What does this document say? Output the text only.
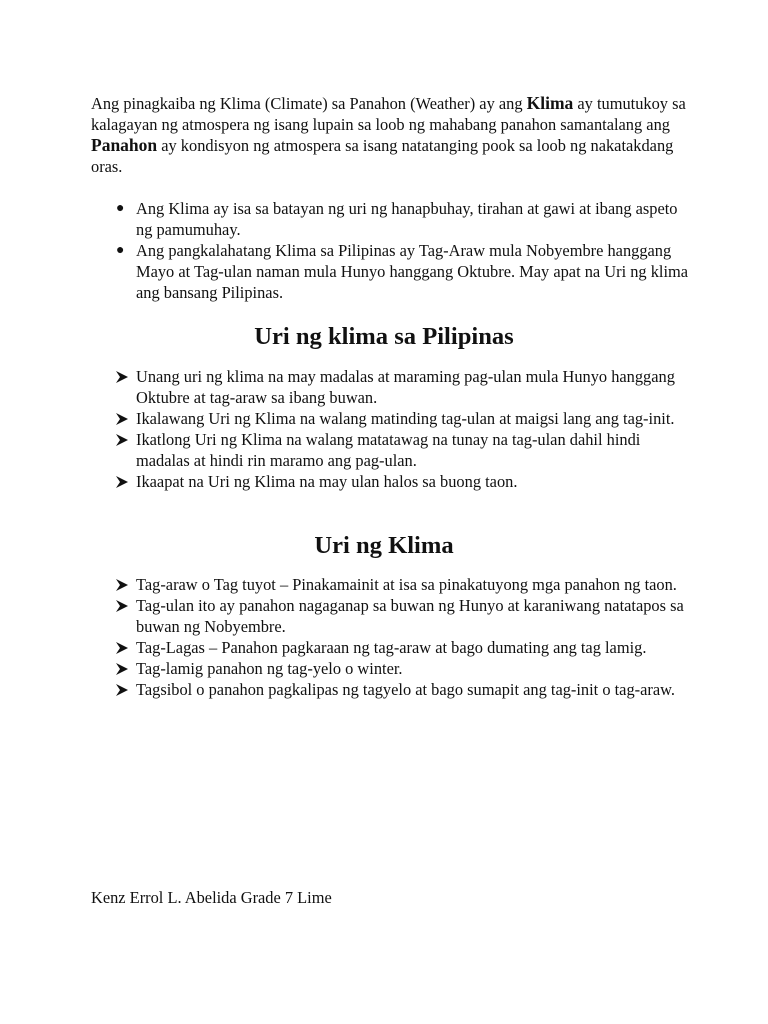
Ang pinagkaiba ng Klima (Climate) sa Panahon (Weather) ay ang Klima ay tumutukoy sa kalagayan ng atmospera ng isang lupain sa loob ng mahabang panahon samantalang ang Panahon ay kondisyon ng atmospera sa isang natatanging pook sa loob ng nakatakdang oras.

● Ang Klima ay isa sa batayan ng uri ng hanapbuhay, tirahan at gawi at ibang aspeto ng pamumuhay.
● Ang pangkalahatang Klima sa Pilipinas ay Tag-Araw mula Nobyembre hanggang Mayo at Tag-ulan naman mula Hunyo hanggang Oktubre. May apat na Uri ng klima ang bansang Pilipinas.
Uri ng klima sa Pilipinas
Unang uri ng klima na may madalas at maraming pag-ulan mula Hunyo hanggang Oktubre at tag-araw sa ibang buwan.
Ikalawang Uri ng Klima na walang matinding tag-ulan at maigsi lang ang tag-init.
Ikatlong Uri ng Klima na walang matatawag na tunay na tag-ulan dahil hindi madalas at hindi rin maramo ang pag-ulan.
Ikaapat na Uri ng Klima na may ulan halos sa buong taon.
Uri ng Klima
Tag-araw o Tag tuyot – Pinakamainit at isa sa pinakatuyong mga panahon ng taon.
Tag-ulan ito ay panahon nagaganap sa buwan ng Hunyo at karaniwang natatapos sa buwan ng Nobyembre.
Tag-Lagas – Panahon pagkaraan ng tag-araw at bago dumating ang tag lamig.
Tag-lamig panahon ng tag-yelo o winter.
Tagsibol o panahon pagkalipas ng tagyelo at bago sumapit ang tag-init o tag-araw.

Kenz Errol L. Abelida Grade 7 Lime
